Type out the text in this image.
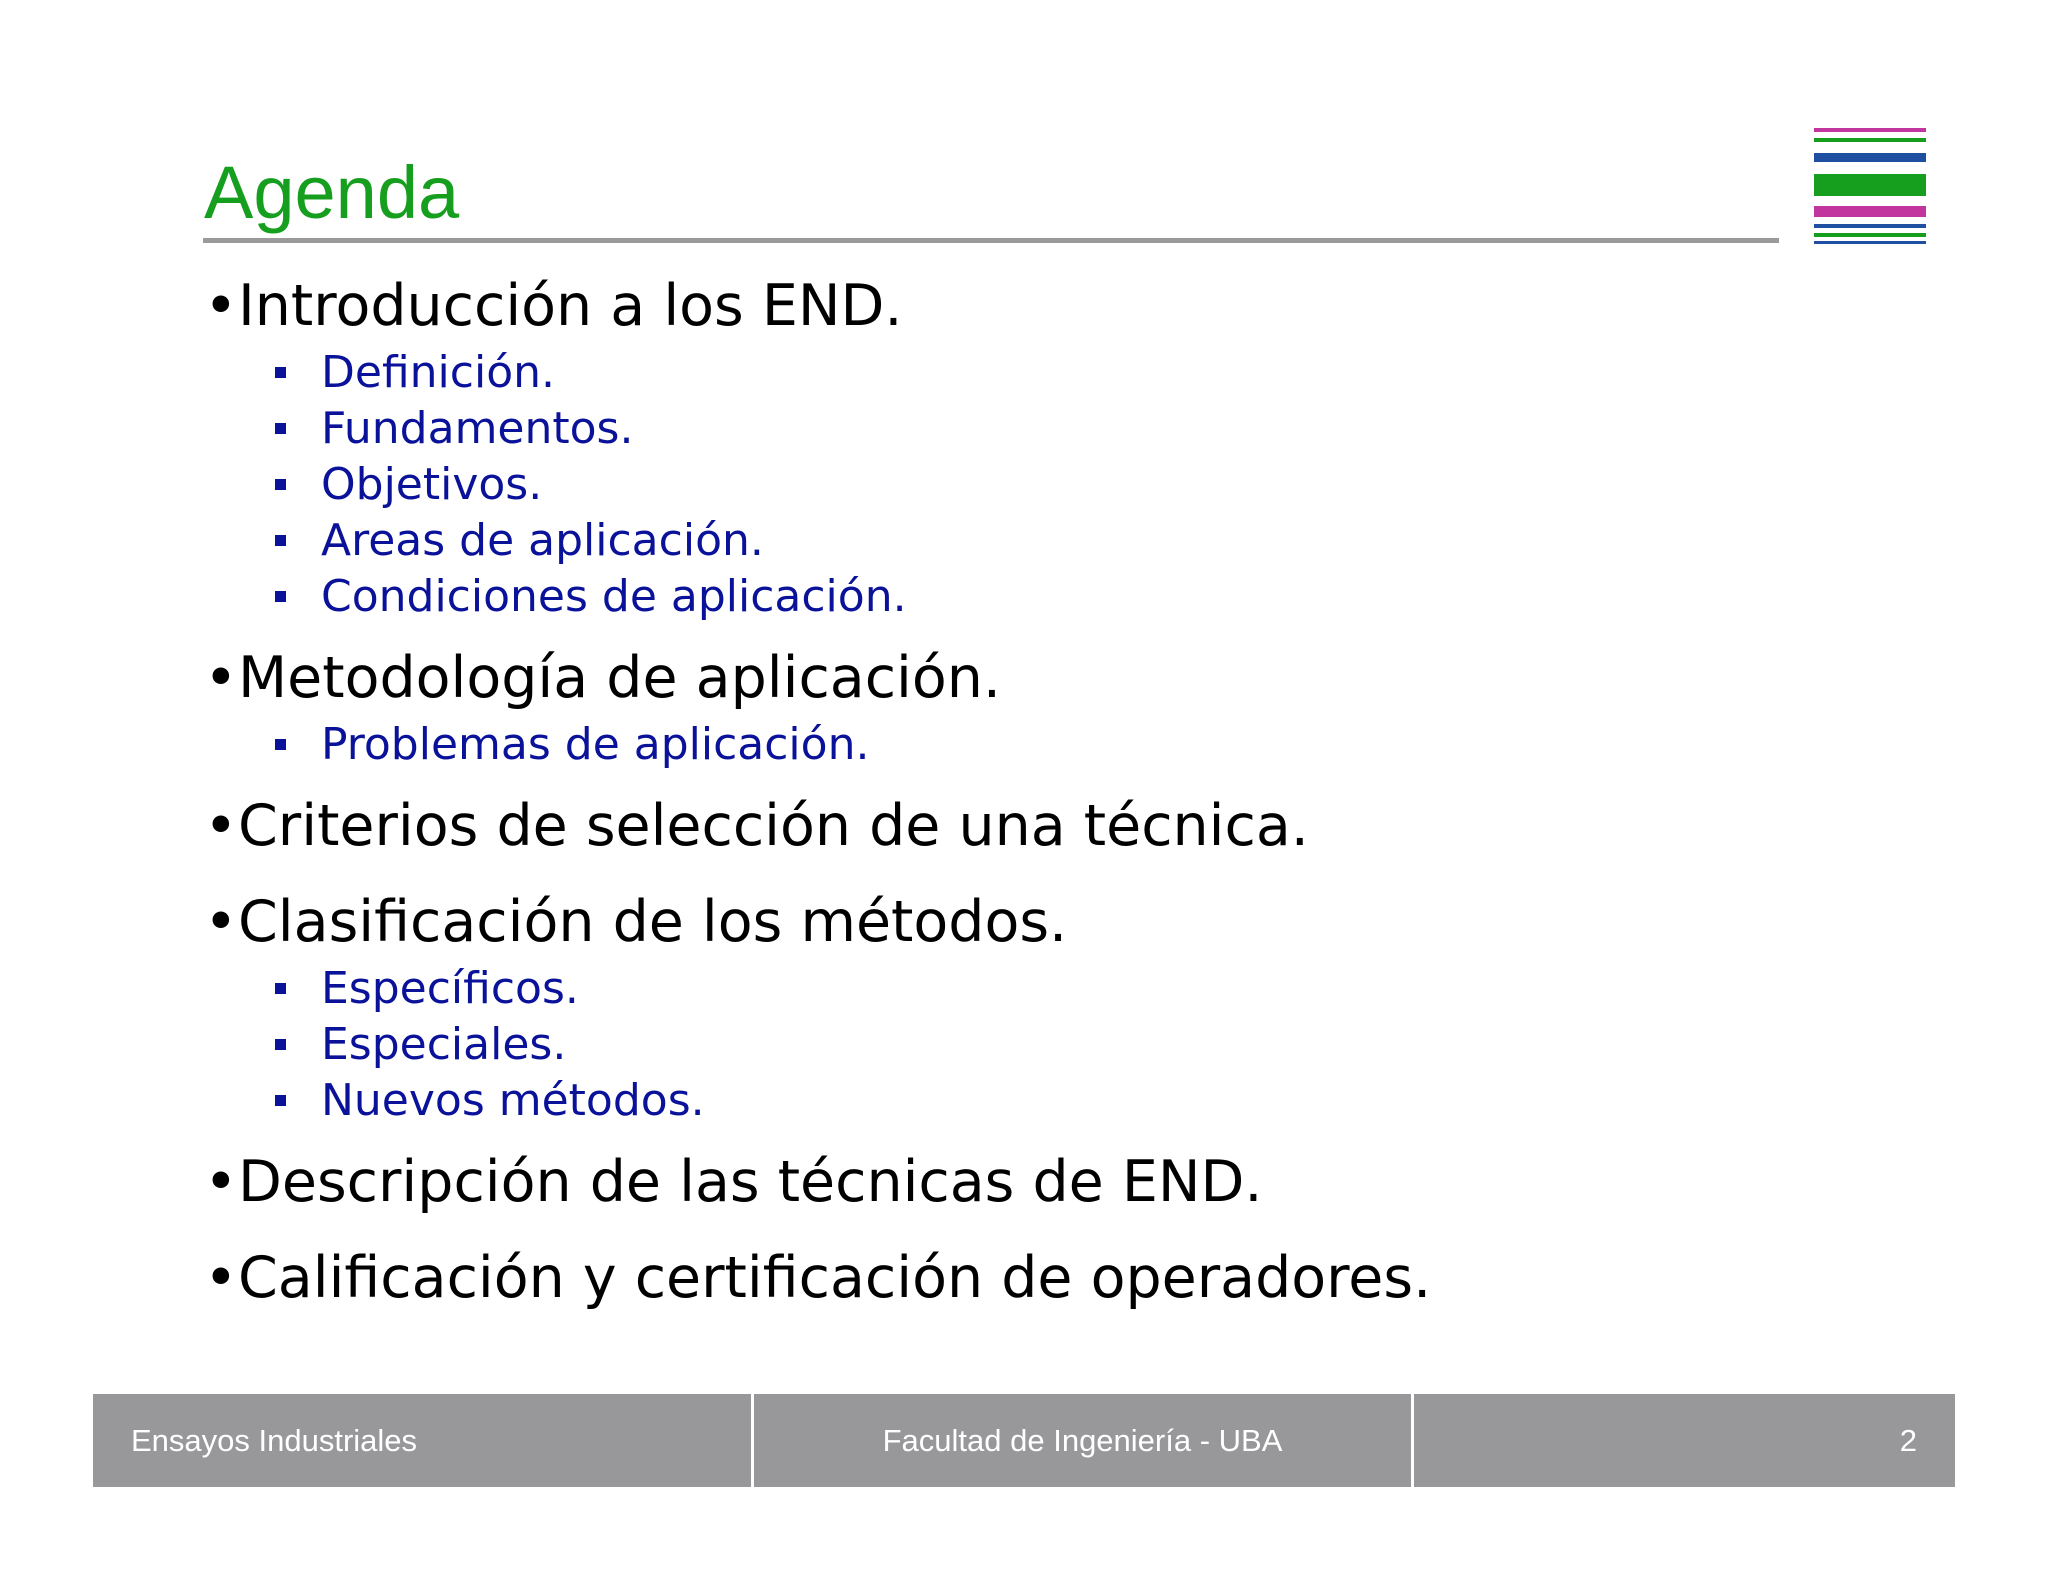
Agenda
• Introducción a los END.
Definición.
Fundamentos.
Objetivos.
Areas de aplicación.
Condiciones de aplicación.
• Metodología de aplicación.
Problemas de aplicación.
• Criterios de selección de una técnica.
• Clasificación de los métodos.
Específicos.
Especiales.
Nuevos métodos.
• Descripción de las técnicas de END.
• Calificación y certificación de operadores.
Ensayos Industriales	Facultad de Ingeniería - UBA	2
